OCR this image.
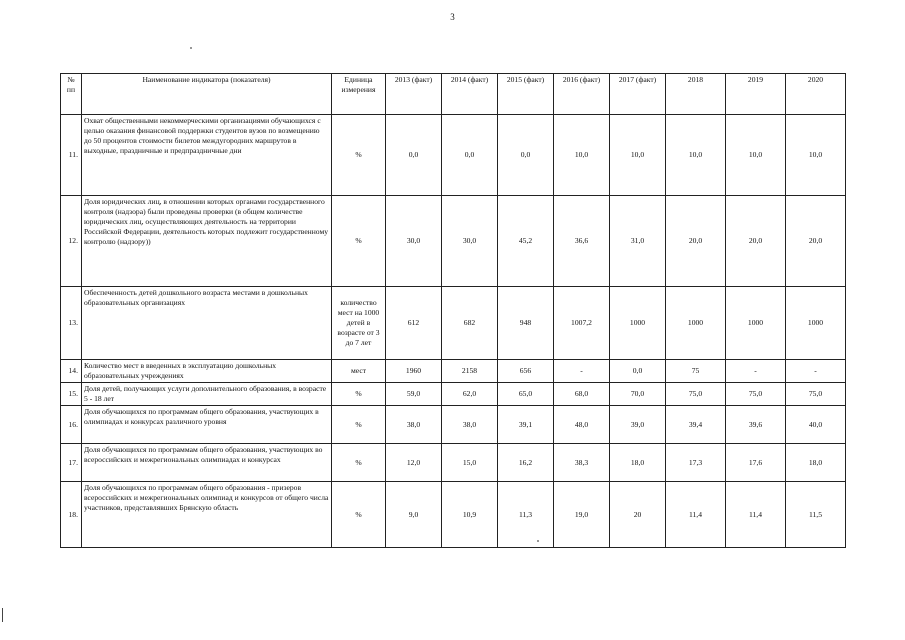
3
№ пп	Наименование индикатора (показателя)	Единица измерения	2013 (факт)	2014 (факт)	2015 (факт)	2016 (факт)	2017 (факт)	2018	2019	2020
11.	Охват общественными некоммерческими организациями обучающихся с целью оказания финансовой поддержки студентов вузов по возмещению до 50 процентов стоимости билетов междугородних маршрутов в выходные, праздничные и предпраздничные дни	%	0,0	0,0	0,0	10,0	10,0	10,0	10,0	10,0
12.	Доля юридических лиц, в отношении которых органами государственного контроля (надзора) были проведены проверки (в общем количестве юридических лиц, осуществляющих деятельность на территории Российской Федерации, деятельность которых подлежит государственному контролю (надзору))	%	30,0	30,0	45,2	36,6	31,0	20,0	20,0	20,0
13.	Обеспеченность детей дошкольного возраста местами в дошкольных образовательных организациях	количество мест на 1000 детей в возрасте от 3 до 7 лет	612	682	948	1007,2	1000	1000	1000	1000
14.	Количество мест в введенных в эксплуатацию дошкольных образовательных учреждениях	мест	1960	2158	656	-	0,0	75	-	-
15.	Доля детей, получающих услуги дополнительного образования, в возрасте 5 - 18 лет	%	59,0	62,0	65,0	68,0	70,0	75,0	75,0	75,0
16.	Доля обучающихся по программам общего образования, участвующих в олимпиадах и конкурсах различного уровня	%	38,0	38,0	39,1	48,0	39,0	39,4	39,6	40,0
17.	Доля обучающихся по программам общего образования, участвующих во всероссийских и межрегиональных олимпиадах и конкурсах	%	12,0	15,0	16,2	38,3	18,0	17,3	17,6	18,0
18.	Доля обучающихся по программам общего образования - призеров всероссийских и межрегиональных олимпиад и конкурсов от общего числа участников, представлявших Брянскую область	%	9,0	10,9	11,3	19,0	20	11,4	11,4	11,5
